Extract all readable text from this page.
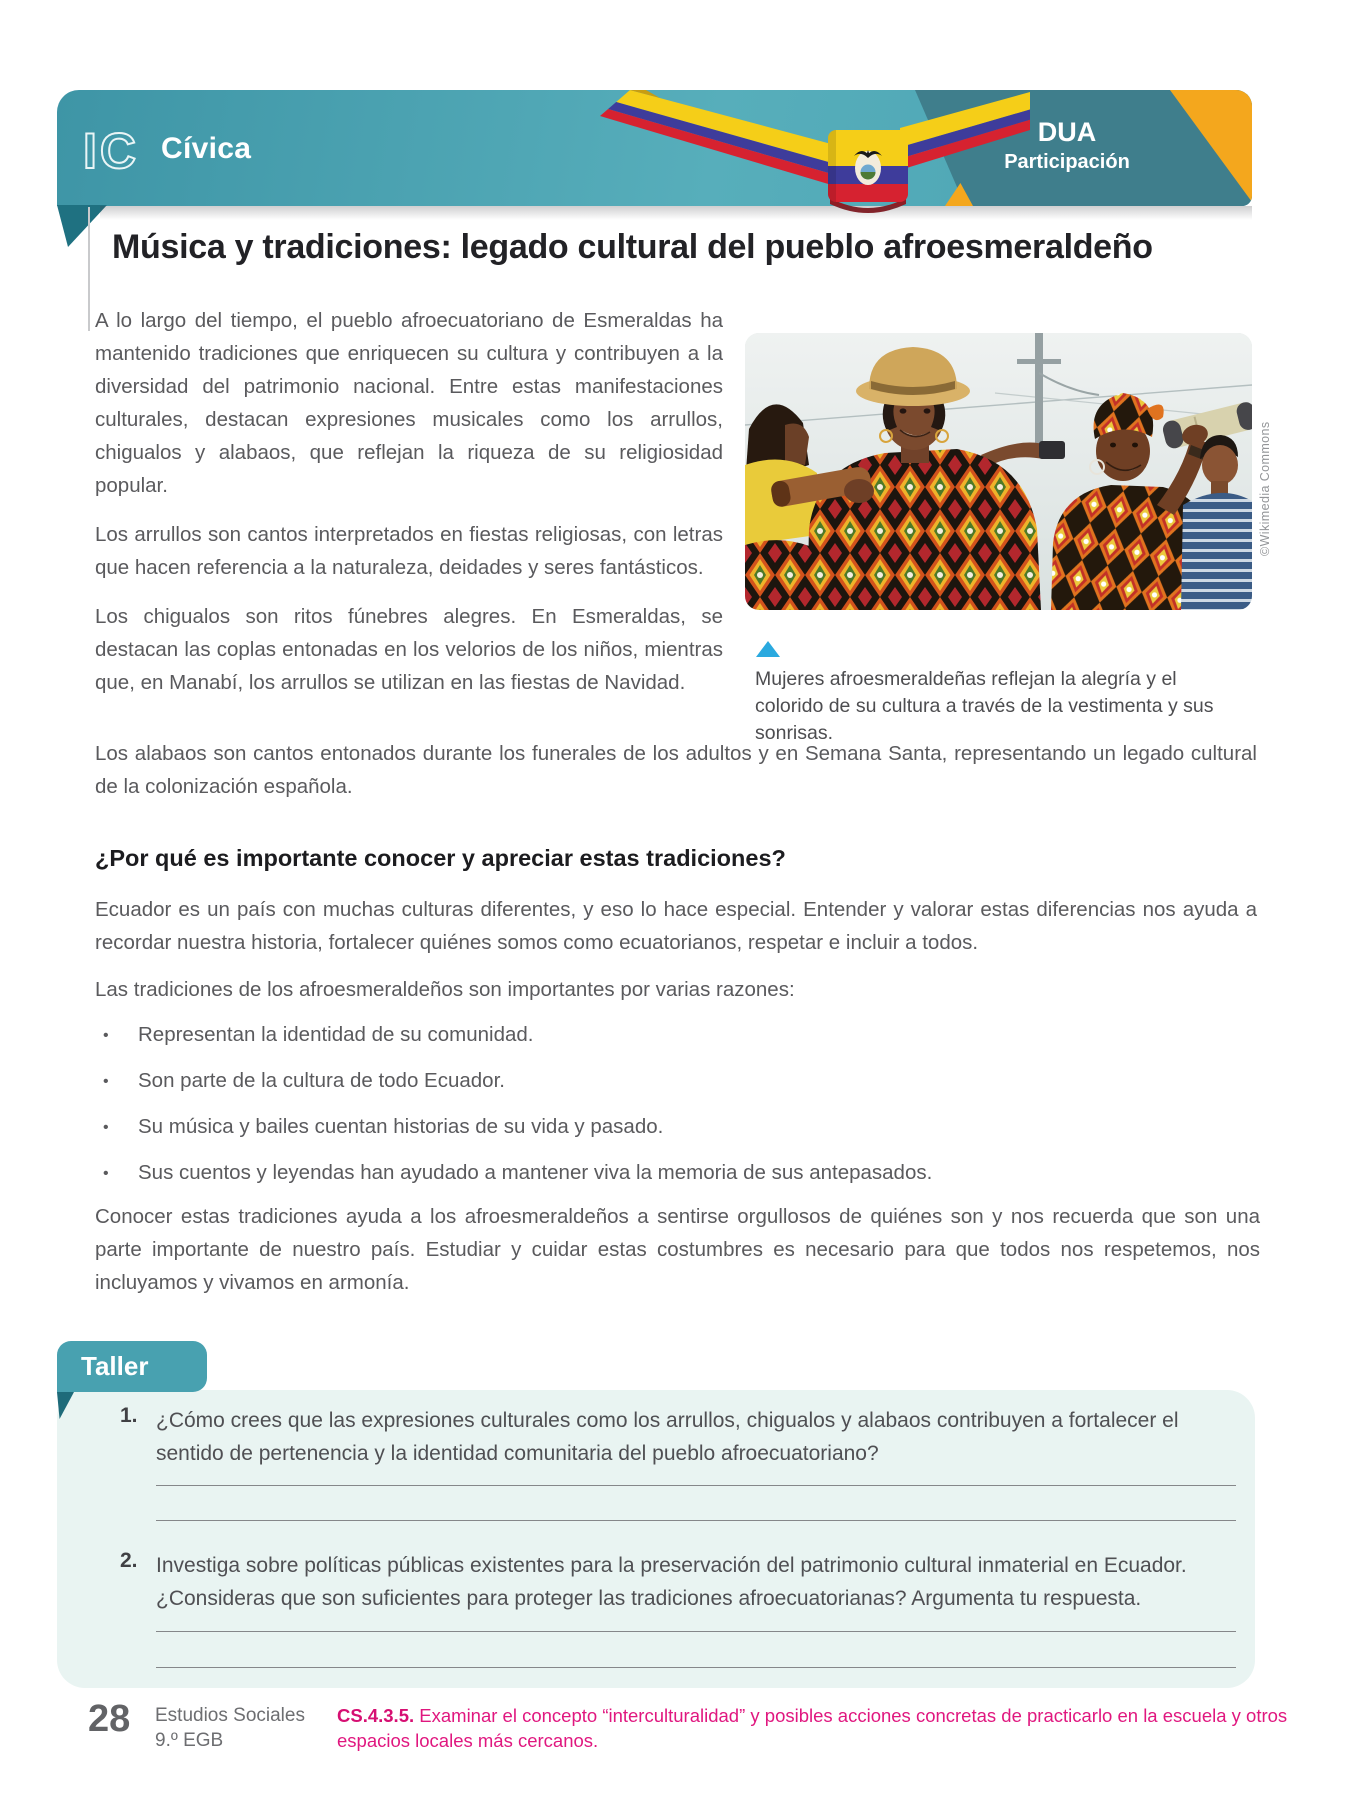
IC Cívica	DUA
Participación
Música y tradiciones: legado cultural del pueblo afroesmeraldeño

A lo largo del tiempo, el pueblo afroecuatoriano de Esmeraldas ha mantenido tradiciones que enriquecen su cultura y contribuyen a la diversidad del patrimonio nacional. Entre estas manifestaciones culturales, destacan expresiones musicales como los arrullos, chigualos y alabaos, que reflejan la riqueza de su religiosidad popular.

Los arrullos son cantos interpretados en fiestas religiosas, con letras que hacen referencia a la naturaleza, deidades y seres fantásticos.

Los chigualos son ritos fúnebres alegres. En Esmeraldas, se destacan las coplas entonadas en los velorios de los niños, mientras que, en Manabí, los arrullos se utilizan en las fiestas de Navidad.

©Wikimedia Commons

Mujeres afroesmeraldeñas reflejan la alegría y el colorido de su cultura a través de la vestimenta y sus sonrisas.

Los alabaos son cantos entonados durante los funerales de los adultos y en Semana Santa, representando un legado cultural de la colonización española.

¿Por qué es importante conocer y apreciar estas tradiciones?

Ecuador es un país con muchas culturas diferentes, y eso lo hace especial. Entender y valorar estas diferencias nos ayuda a recordar nuestra historia, fortalecer quiénes somos como ecuatorianos, respetar e incluir a todos.

Las tradiciones de los afroesmeraldeños son importantes por varias razones:

• Representan la identidad de su comunidad.
• Son parte de la cultura de todo Ecuador.
• Su música y bailes cuentan historias de su vida y pasado.
• Sus cuentos y leyendas han ayudado a mantener viva la memoria de sus antepasados.

Conocer estas tradiciones ayuda a los afroesmeraldeños a sentirse orgullosos de quiénes son y nos recuerda que son una parte importante de nuestro país. Estudiar y cuidar estas costumbres es necesario para que todos nos respetemos, nos incluyamos y vivamos en armonía.

Taller
1. ¿Cómo crees que las expresiones culturales como los arrullos, chigualos y alabaos contribuyen a fortalecer el sentido de pertenencia y la identidad comunitaria del pueblo afroecuatoriano?

2. Investiga sobre políticas públicas existentes para la preservación del patrimonio cultural inmaterial en Ecuador. ¿Consideras que son suficientes para proteger las tradiciones afroecuatorianas? Argumenta tu respuesta.

28 Estudios Sociales
9.º EGB

CS.4.3.5. Examinar el concepto “interculturalidad” y posibles acciones concretas de practicarlo en la escuela y otros espacios locales más cercanos.
